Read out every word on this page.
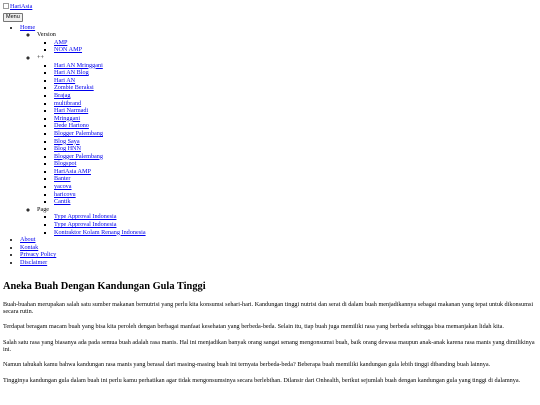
HariAsia
Menu
• Home
◦ Version
▪ AMP
▪ NON AMP
◦ ++
▪ Hari AN Mringgani
▪ Hari AN Blog
▪ Hari AN
▪ Zombie Beraksi
▪ Brajag
▪ multibrand
▪ Hari Narmadi
▪ Mringgani
▪ Dede Hartono
▪ Blogger Palembang
▪ Blog Saya
▪ Blog HNN
▪ Blogger Palembang
▪ Blogspot
▪ HariAsia AMP
▪ Banter
▪ yacova
▪ haricovu
▪ Cantik
◦ Page
▪ Type Approval Indonesia
▪ Type Approval Indonesia
▪ Kontraktor Kolam Renang Indonesia
• About
• Kontak
• Privacy Policy
• Disclaimer
Aneka Buah Dengan Kandungan Gula Tinggi

Buah-buahan merupakan salah satu sumber makanan bernutrisi yang perlu kita konsumsi sehari-hari. Kandungan tinggi nutrisi dan serat di dalam buah menjadikannya sebagai makanan yang tepat untuk dikonsumsi secara rutin.

Terdapat beragam macam buah yang bisa kita peroleh dengan berbagai manfaat kesehatan yang berbeda-beda. Selain itu, tiap buah juga memiliki rasa yang berbeda sehingga bisa memanjakan lidah kita.

Salah satu rasa yang biasanya ada pada semua buah adalah rasa manis. Hal ini menjadikan banyak orang sangat senang mengonsumsi buah, baik orang dewasa maupun anak-anak karena rasa manis yang dimilikinya ini.

Namun tahukah kamu bahwa kandungan rasa manis yang berasal dari masing-masing buah ini ternyata berbeda-beda? Beberapa buah memiliki kandungan gula lebih tinggi dibanding buah lainnya.

Tingginya kandungan gula dalam buah ini perlu kamu perhatikan agar tidak mengonsumsinya secara berlebihan. Dilansir dari Onhealth, berikut sejumlah buah dengan kandungan gula yang tinggi di dalamnya.
